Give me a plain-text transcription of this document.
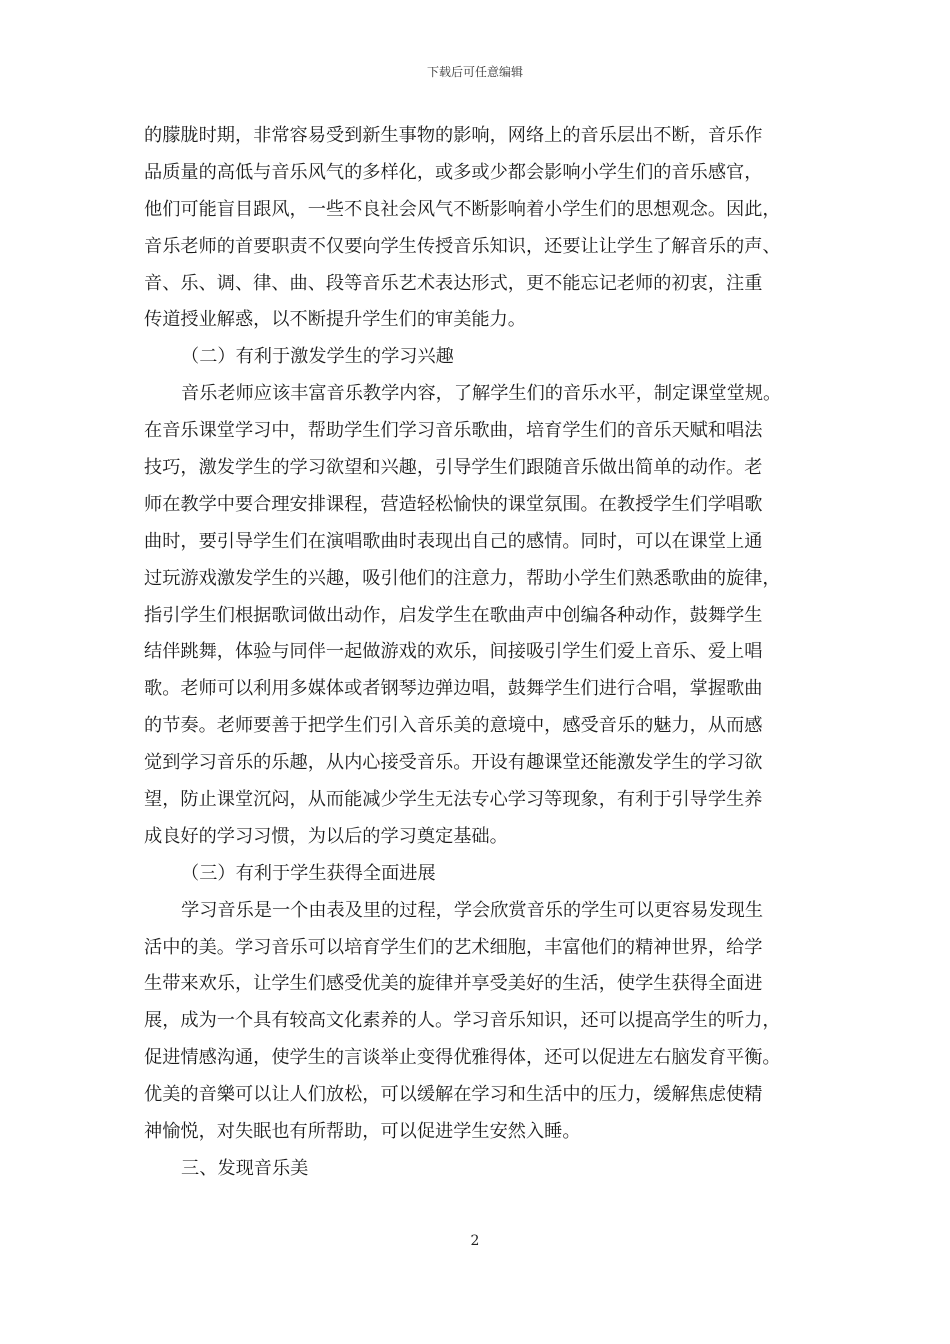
下载后可任意编辑
的朦胧时期，非常容易受到新生事物的影响，网络上的音乐层出不断，音乐作
品质量的高低与音乐风气的多样化，或多或少都会影响小学生们的音乐感官，
他们可能盲目跟风，一些不良社会风气不断影响着小学生们的思想观念。因此，
音乐老师的首要职责不仅要向学生传授音乐知识，还要让让学生了解音乐的声、
音、乐、调、律、曲、段等音乐艺术表达形式，更不能忘记老师的初衷，注重
传道授业解惑，以不断提升学生们的审美能力。
（二）有利于激发学生的学习兴趣
音乐老师应该丰富音乐教学内容，了解学生们的音乐水平，制定课堂堂规。
在音乐课堂学习中，帮助学生们学习音乐歌曲，培育学生们的音乐天赋和唱法
技巧，激发学生的学习欲望和兴趣，引导学生们跟随音乐做出简单的动作。老
师在教学中要合理安排课程，营造轻松愉快的课堂氛围。在教授学生们学唱歌
曲时，要引导学生们在演唱歌曲时表现出自己的感情。同时，可以在课堂上通
过玩游戏激发学生的兴趣，吸引他们的注意力，帮助小学生们熟悉歌曲的旋律，
指引学生们根据歌词做出动作，启发学生在歌曲声中创编各种动作，鼓舞学生
结伴跳舞，体验与同伴一起做游戏的欢乐，间接吸引学生们爱上音乐、爱上唱
歌。老师可以利用多媒体或者钢琴边弹边唱，鼓舞学生们进行合唱，掌握歌曲
的节奏。老师要善于把学生们引入音乐美的意境中，感受音乐的魅力，从而感
觉到学习音乐的乐趣，从内心接受音乐。开设有趣课堂还能激发学生的学习欲
望，防止课堂沉闷，从而能减少学生无法专心学习等现象，有利于引导学生养
成良好的学习习惯，为以后的学习奠定基础。
（三）有利于学生获得全面进展
学习音乐是一个由表及里的过程，学会欣赏音乐的学生可以更容易发现生
活中的美。学习音乐可以培育学生们的艺术细胞，丰富他们的精神世界，给学
生带来欢乐，让学生们感受优美的旋律并享受美好的生活，使学生获得全面进
展，成为一个具有较高文化素养的人。学习音乐知识，还可以提高学生的听力，
促进情感沟通，使学生的言谈举止变得优雅得体，还可以促进左右脑发育平衡。
优美的音樂可以让人们放松，可以缓解在学习和生活中的压力，缓解焦虑使精
神愉悦，对失眠也有所帮助，可以促进学生安然入睡。
三、发现音乐美
2
